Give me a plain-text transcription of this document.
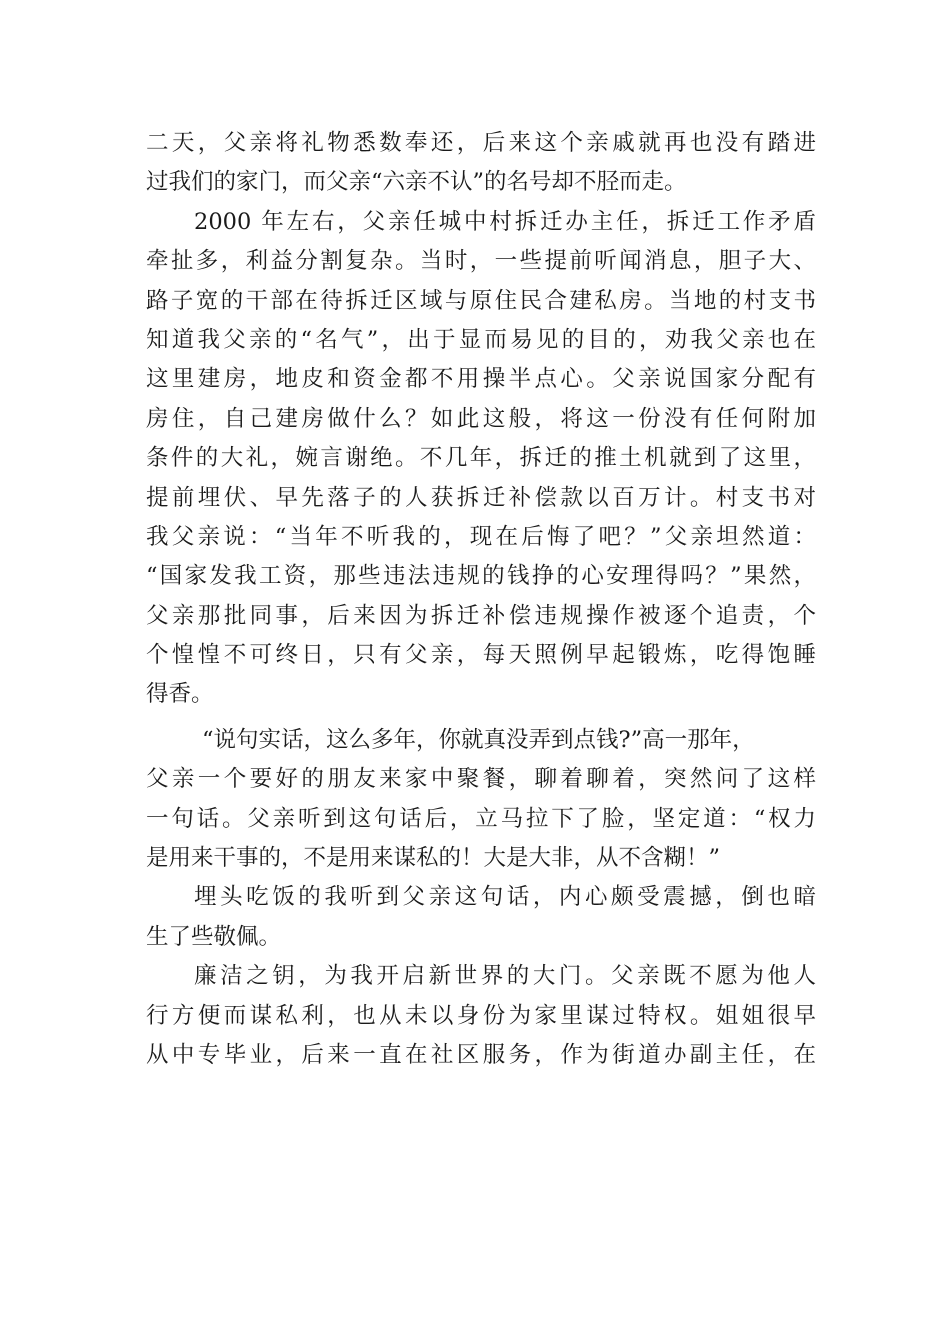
二天，父亲将礼物悉数奉还，后来这个亲戚就再也没有踏进
过我们的家门，而父亲“六亲不认”的名号却不胫而走。
2000 年左右，父亲任城中村拆迁办主任，拆迁工作矛盾
牵扯多，利益分割复杂。当时，一些提前听闻消息，胆子大、
路子宽的干部在待拆迁区域与原住民合建私房。当地的村支书
知道我父亲的“名气”，出于显而易见的目的，劝我父亲也在
这里建房，地皮和资金都不用操半点心。父亲说国家分配有
房住，自己建房做什么？如此这般，将这一份没有任何附加
条件的大礼，婉言谢绝。不几年，拆迁的推土机就到了这里，
提前埋伏、早先落子的人获拆迁补偿款以百万计。村支书对
我父亲说：“当年不听我的，现在后悔了吧？”父亲坦然道：
“国家发我工资，那些违法违规的钱挣的心安理得吗？”果然，
父亲那批同事，后来因为拆迁补偿违规操作被逐个追责，个
个惶惶不可终日，只有父亲，每天照例早起锻炼，吃得饱睡
得香。
“说句实话，这么多年，你就真没弄到点钱?”高一那年，
父亲一个要好的朋友来家中聚餐，聊着聊着，突然问了这样
一句话。父亲听到这句话后，立马拉下了脸，坚定道：“权力
是用来干事的，不是用来谋私的！大是大非，从不含糊！”
埋头吃饭的我听到父亲这句话，内心颇受震撼，倒也暗
生了些敬佩。
廉洁之钥，为我开启新世界的大门。父亲既不愿为他人
行方便而谋私利，也从未以身份为家里谋过特权。姐姐很早
从中专毕业，后来一直在社区服务，作为街道办副主任，在
